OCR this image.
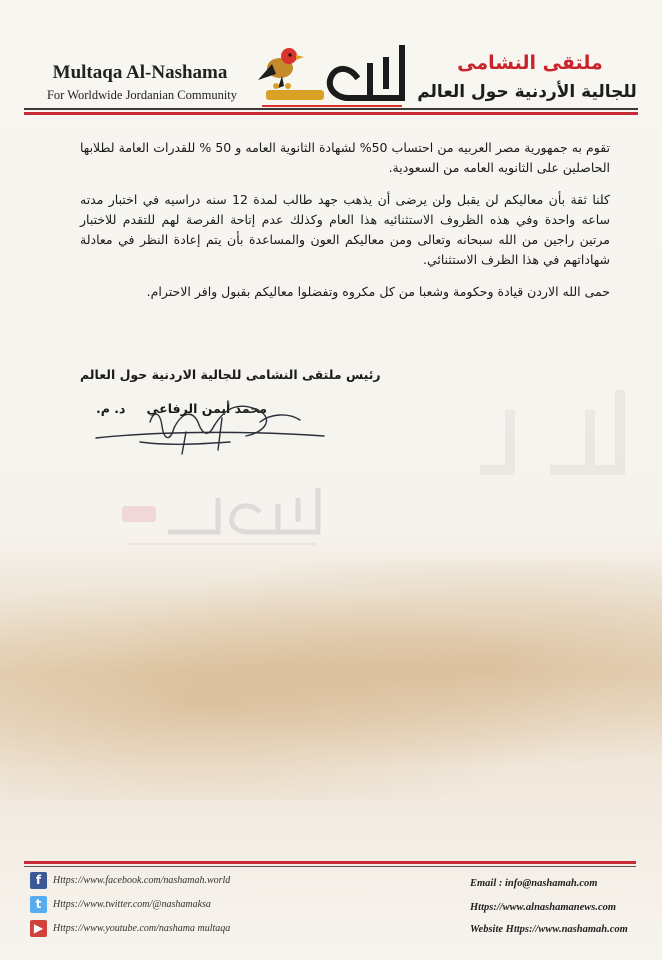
Multaqa Al-Nashama
For Worldwide Jordanian Community
ملتقى النشامى
للجالية الأردنية حول العالم

تقوم به جمهورية مصر العربيه من احتساب 50% لشهادة الثانوية العامه و 50 % للقدرات العامة لطلابها الحاصلين على الثانويه العامه من السعودية.

كلنا ثقة بأن معاليكم لن يقبل ولن يرضى أن يذهب جهد طالب لمدة 12 سنه دراسيه في اختبار مدته ساعه واحدة وفي هذه الظروف الاستثنائيه هذا العام وكذلك عدم إتاحة الفرصة لهم للتقدم للاختبار مرتين راجين من الله سبحانه وتعالى ومن معاليكم العون والمساعدة بأن يتم إعادة النظر في معادلة شهاداتهم في هذا الظرف الاستثنائي.

حمى الله الاردن قيادة وحكومة وشعبا من كل مكروه وتفضلوا معاليكم بقبول وافر الاحترام.

رئيس ملتقى النشامى للجالية الاردنية حول العالم
د. م. محمد أيمن الرفاعي
f Https://www.facebook.com/nashamah.world
t Https://www.twitter.com/@nashamaksa
▶ Https://www.youtube.com/nashama multaqa
Email : info@nashamah.com
Https://www.alnashamanews.com
Website Https://www.nashamah.com
